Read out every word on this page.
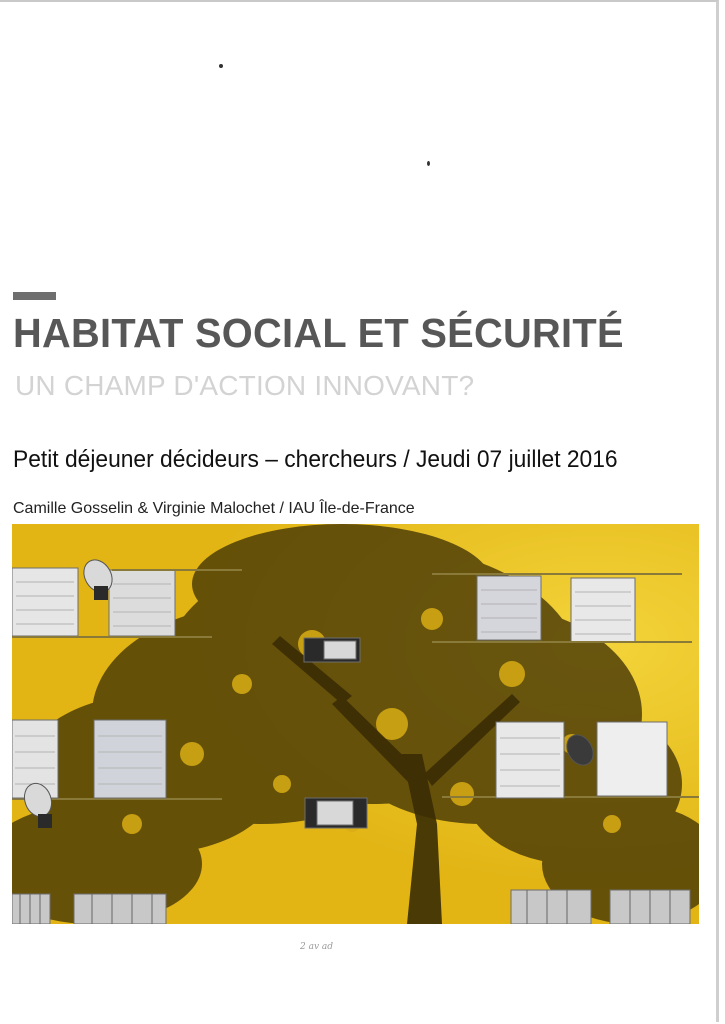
HABITAT SOCIAL ET SÉCURITÉ

UN CHAMP D'ACTION INNOVANT?

Petit déjeuner décideurs – chercheurs / Jeudi 07 juillet 2016

Camille Gosselin & Virginie Malochet / IAU Île-de-France

2 av ad
